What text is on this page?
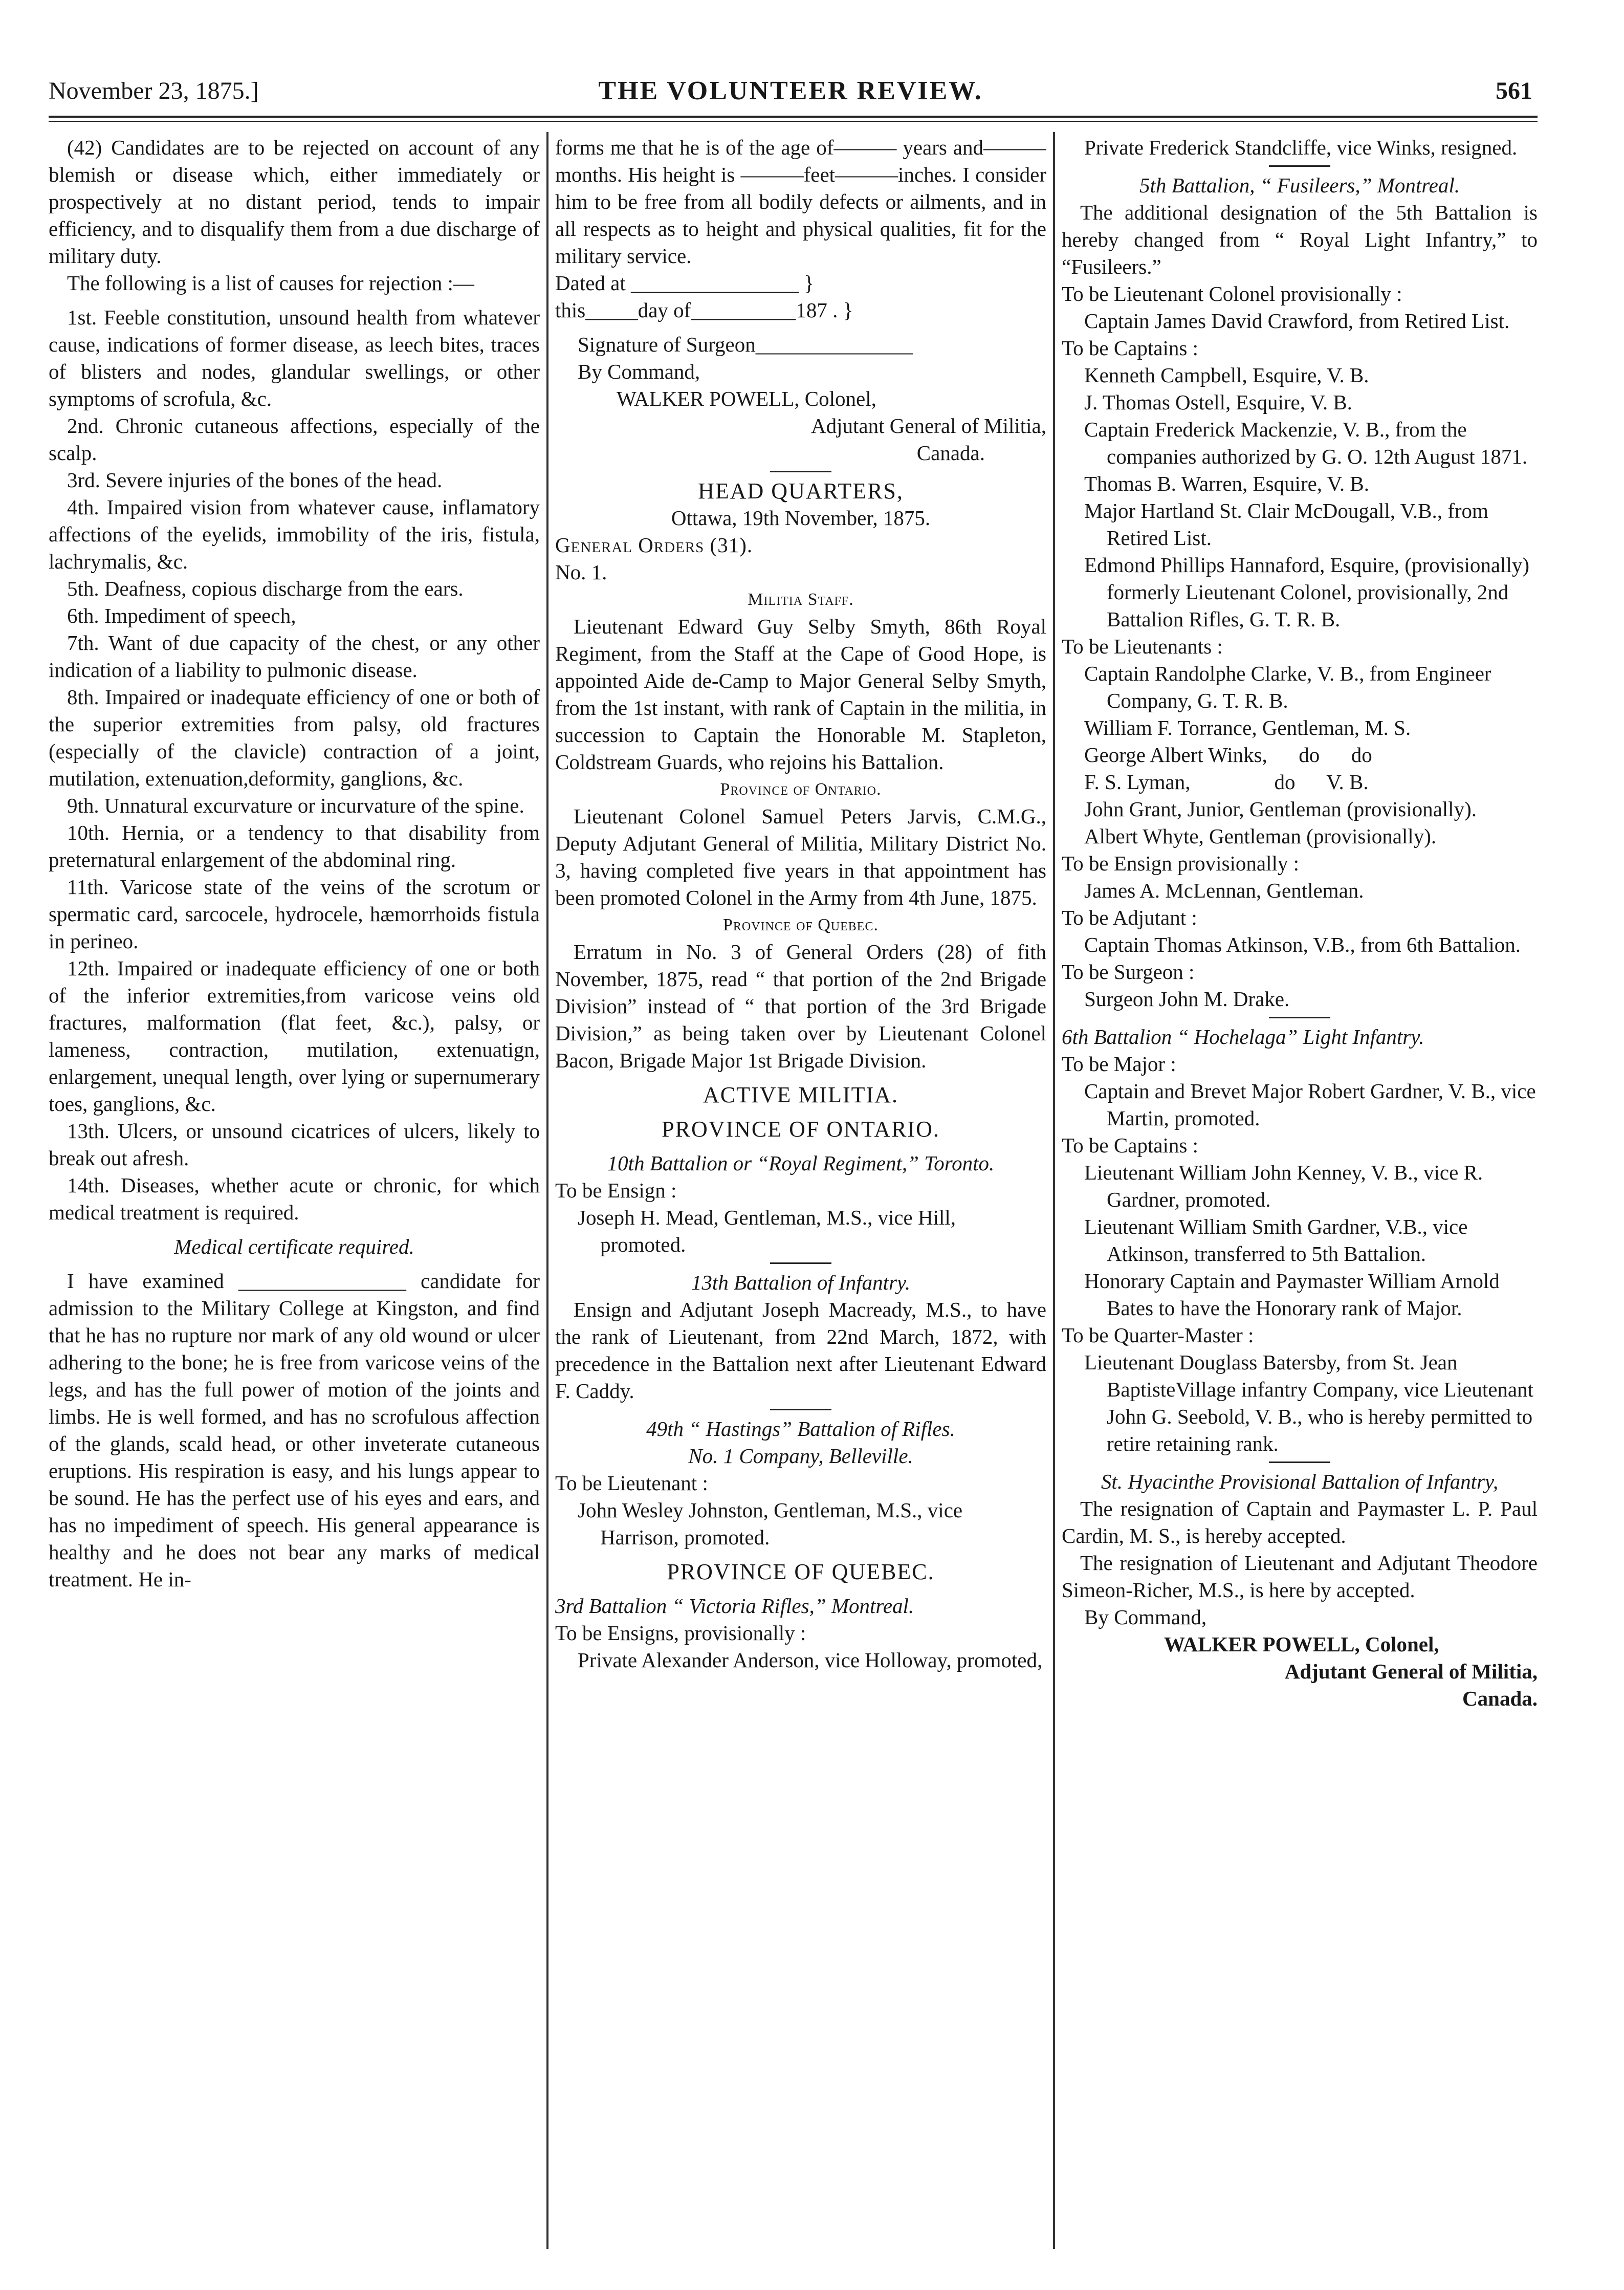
November 23, 1875.]	THE VOLUNTEER REVIEW.	561

(42) Candidates are to be rejected on account of any blemish or disease which, either immediately or prospectively at no distant period, tends to impair efficiency, and to disqualify them from a due discharge of military duty.

The following is a list of causes for rejection :—

1st. Feeble constitution, unsound health from whatever cause, indications of former disease, as leech bites, traces of blisters and nodes, glandular swellings, or other symptoms of scrofula, &c.

2nd. Chronic cutaneous affections, especially of the scalp.

3rd. Severe injuries of the bones of the head.

4th. Impaired vision from whatever cause, inflamatory affections of the eyelids, immobility of the iris, fistula, lachrymalis, &c.

5th. Deafness, copious discharge from the ears.

6th. Impediment of speech,

7th. Want of due capacity of the chest, or any other indication of a liability to pulmonic disease.

8th. Impaired or inadequate efficiency of one or both of the superior extremities from palsy, old fractures (especially of the clavicle) contraction of a joint, mutilation, extenuation,deformity, ganglions, &c.

9th. Unnatural excurvature or incurvature of the spine.

10th. Hernia, or a tendency to that disability from preternatural enlargement of the abdominal ring.

11th. Varicose state of the veins of the scrotum or spermatic card, sarcocele, hydrocele, hæmorrhoids fistula in perineo.

12th. Impaired or inadequate efficiency of one or both of the inferior extremities,from varicose veins old fractures, malformation (flat feet, &c.), palsy, or lameness, contraction, mutilation, extenuatign, enlargement, unequal length, over lying or supernumerary toes, ganglions, &c.

13th. Ulcers, or unsound cicatrices of ulcers, likely to break out afresh.

14th. Diseases, whether acute or chronic, for which medical treatment is required.

Medical certificate required.

I have examined ________________ candidate for admission to the Military College at Kingston, and find that he has no rupture nor mark of any old wound or ulcer adhering to the bone; he is free from varicose veins of the legs, and has the full power of motion of the joints and limbs. He is well formed, and has no scrofulous affection of the glands, scald head, or other inveterate cutaneous eruptions. His respiration is easy, and his lungs appear to be sound. He has the perfect use of his eyes and ears, and has no impediment of speech. His general appearance is healthy and he does not bear any marks of medical treatment. He in-

forms me that he is of the age of——— years and———months. His height is ———feet———inches. I consider him to be free from all bodily defects or ailments, and in all respects as to height and physical qualities, fit for the military service.

Dated at ________________ }

this_____day of__________187 . }

Signature of Surgeon_______________

By Command,

WALKER POWELL, Colonel,

Adjutant General of Militia,

Canada.

HEAD QUARTERS,

Ottawa, 19th November, 1875.

General Orders (31).

No. 1.

Militia Staff.

Lieutenant Edward Guy Selby Smyth, 86th Royal Regiment, from the Staff at the Cape of Good Hope, is appointed Aide de-Camp to Major General Selby Smyth, from the 1st instant, with rank of Captain in the militia, in succession to Captain the Honorable M. Stapleton, Coldstream Guards, who rejoins his Battalion.

Province of Ontario.

Lieutenant Colonel Samuel Peters Jarvis, C.M.G., Deputy Adjutant General of Militia, Military District No. 3, having completed five years in that appointment has been promoted Colonel in the Army from 4th June, 1875.

Province of Quebec.

Erratum in No. 3 of General Orders (28) of fith November, 1875, read “ that portion of the 2nd Brigade Division” instead of “ that portion of the 3rd Brigade Division,” as being taken over by Lieutenant Colonel Bacon, Brigade Major 1st Brigade Division.

ACTIVE MILITIA.

PROVINCE OF ONTARIO.

10th Battalion or “Royal Regiment,” Toronto.

To be Ensign :

Joseph H. Mead, Gentleman, M.S., vice Hill, promoted.

13th Battalion of Infantry.

Ensign and Adjutant Joseph Macready, M.S., to have the rank of Lieutenant, from 22nd March, 1872, with precedence in the Battalion next after Lieutenant Edward F. Caddy.

49th “ Hastings” Battalion of Rifles.

No. 1 Company, Belleville.

To be Lieutenant :

John Wesley Johnston, Gentleman, M.S., vice Harrison, promoted.

PROVINCE OF QUEBEC.

3rd Battalion “ Victoria Rifles,” Montreal.

To be Ensigns, provisionally :

Private Alexander Anderson, vice Holloway, promoted,

Private Frederick Standcliffe, vice Winks, resigned.

5th Battalion, “ Fusileers,” Montreal.

The additional designation of the 5th Battalion is hereby changed from “ Royal Light Infantry,” to “Fusileers.”

To be Lieutenant Colonel provisionally :

Captain James David Crawford, from Retired List.

To be Captains :

Kenneth Campbell, Esquire, V. B.

J. Thomas Ostell, Esquire, V. B.

Captain Frederick Mackenzie, V. B., from the companies authorized by G. O. 12th August 1871.

Thomas B. Warren, Esquire, V. B.

Major Hartland St. Clair McDougall, V.B., from Retired List.

Edmond Phillips Hannaford, Esquire, (provisionally) formerly Lieutenant Colonel, provisionally, 2nd Battalion Rifles, G. T. R. B.

To be Lieutenants :

Captain Randolphe Clarke, V. B., from Engineer Company, G. T. R. B.

William F. Torrance, Gentleman, M. S.

George Albert Winks,      do      do

F. S. Lyman,                do      V. B.

John Grant, Junior, Gentleman (provisionally).

Albert Whyte, Gentleman (provisionally).

To be Ensign provisionally :

James A. McLennan, Gentleman.

To be Adjutant :

Captain Thomas Atkinson, V.B., from 6th Battalion.

To be Surgeon :

Surgeon John M. Drake.

6th Battalion “ Hochelaga” Light Infantry.

To be Major :

Captain and Brevet Major Robert Gardner, V. B., vice Martin, promoted.

To be Captains :

Lieutenant William John Kenney, V. B., vice R. Gardner, promoted.

Lieutenant William Smith Gardner, V.B., vice Atkinson, transferred to 5th Battalion.

Honorary Captain and Paymaster William Arnold Bates to have the Honorary rank of Major.

To be Quarter-Master :

Lieutenant Douglass Batersby, from St. Jean BaptisteVillage infantry Company, vice Lieutenant John G. Seebold, V. B., who is hereby permitted to retire retaining rank.

St. Hyacinthe Provisional Battalion of Infantry,

The resignation of Captain and Paymaster L. P. Paul Cardin, M. S., is hereby accepted.

The resignation of Lieutenant and Adjutant Theodore Simeon-Richer, M.S., is here by accepted.

By Command,

WALKER POWELL, Colonel,

Adjutant General of Militia,

Canada.
